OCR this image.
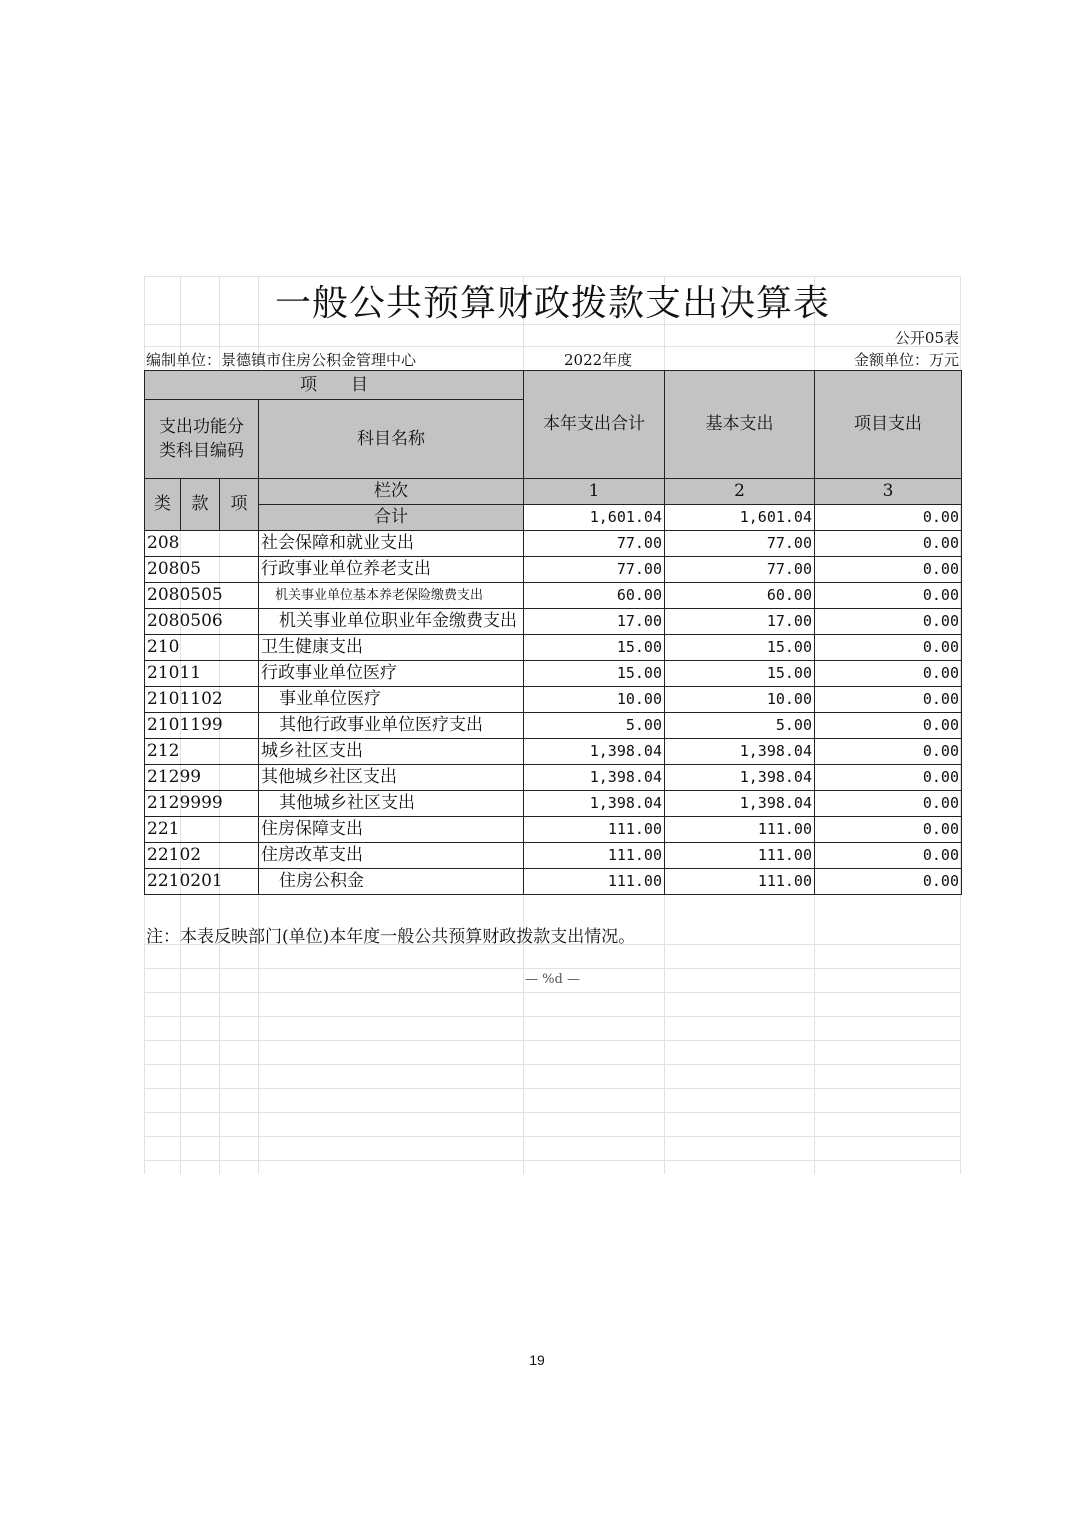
一般公共预算财政拨款支出决算表
公开05表
编制单位：景德镇市住房公积金管理中心	2022年度	金额单位：万元
项　　目				本年支出合计	基本支出	项目支出
支出功能分类科目编码			科目名称			
类	款	项	栏次	1	2	3
			合计	1,601.04	1,601.04	0.00
208			社会保障和就业支出	77.00	77.00	0.00
20805			行政事业单位养老支出	77.00	77.00	0.00
2080505			机关事业单位基本养老保险缴费支出	60.00	60.00	0.00
2080506			机关事业单位职业年金缴费支出	17.00	17.00	0.00
210			卫生健康支出	15.00	15.00	0.00
21011			行政事业单位医疗	15.00	15.00	0.00
2101102			事业单位医疗	10.00	10.00	0.00
2101199			其他行政事业单位医疗支出	5.00	5.00	0.00
212			城乡社区支出	1,398.04	1,398.04	0.00
21299			其他城乡社区支出	1,398.04	1,398.04	0.00
2129999			其他城乡社区支出	1,398.04	1,398.04	0.00
221			住房保障支出	111.00	111.00	0.00
22102			住房改革支出	111.00	111.00	0.00
2210201			住房公积金	111.00	111.00	0.00
注：本表反映部门(单位)本年度一般公共预算财政拨款支出情况。
— %d —
19
